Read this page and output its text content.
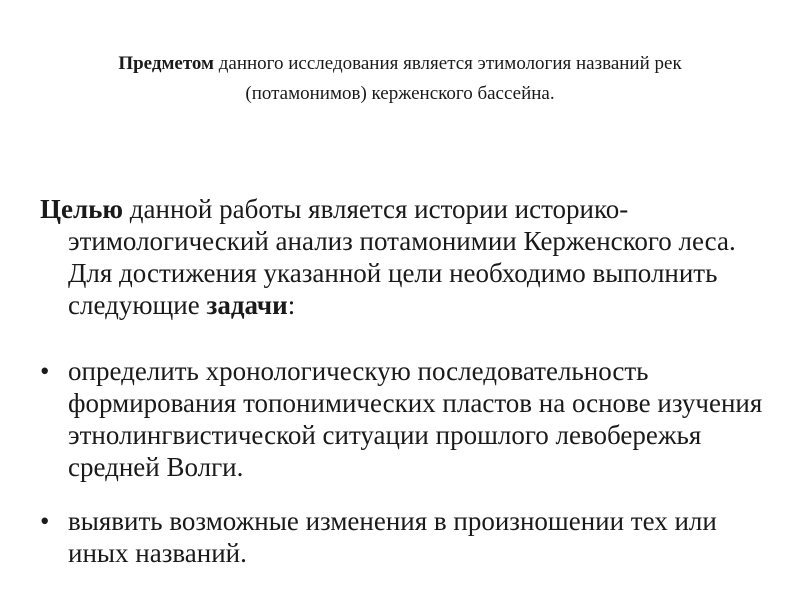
Предметом данного исследования является этимология названий рек (потамонимов) керженского бассейна.

Целью данной работы является истории историко-этимологический анализ потамонимии Керженского леса. Для достижения указанной цели необходимо выполнить следующие задачи:

• определить хронологическую последовательность формирования топонимических пластов на основе изучения этнолингвистической ситуации прошлого левобережья средней Волги.
• выявить возможные изменения в произношении тех или иных названий.
